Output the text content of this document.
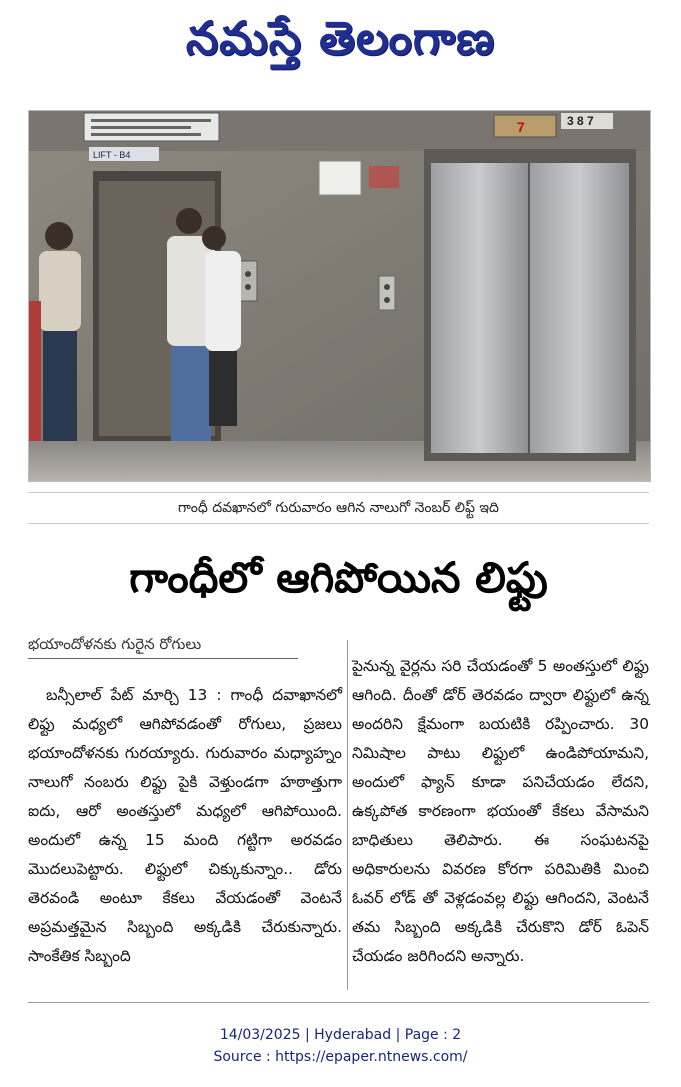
నమస్తే తెలంగాణ
LIFT - B4
7	3 8 7
గాంధీ దవఖానలో గురువారం ఆగిన నాలుగో నెంబర్ లిఫ్ట్ ఇది
గాంధీలో ఆగిపోయిన లిఫ్టు
భయాందోళనకు గురైన రోగులు
బన్సీలాల్ పేట్ మార్చి 13 : గాంధీ దవాఖానలో లిఫ్టు మధ్యలో ఆగిపోవడంతో రోగులు, ప్రజలు భయాందోళనకు గురయ్యారు. గురువారం మధ్యాహ్నం నాలుగో నంబరు లిఫ్టు పైకి వెళ్తుండగా హఠాత్తుగా ఐదు, ఆరో అంతస్తులో మధ్యలో ఆగిపోయింది. అందులో ఉన్న 15 మంది గట్టిగా అరవడం మొదలుపెట్టారు. లిఫ్టులో చిక్కుకున్నాం.. డోరు తెరవండి అంటూ కేకలు వేయడంతో వెంటనే అప్రమత్తమైన సిబ్బంది అక్కడికి చేరుకున్నారు. సాంకేతిక సిబ్బంది
పైనున్న వైర్లను సరి చేయడంతో 5 అంతస్తులో లిఫ్టు ఆగింది. దీంతో డోర్ తెరవడం ద్వారా లిఫ్టులో ఉన్న అందరిని క్షేమంగా బయటికి రప్పించారు. 30 నిమిషాల పాటు లిఫ్టులో ఉండిపోయామని, అందులో ఫ్యాన్ కూడా పనిచేయడం లేదని, ఉక్కపోత కారణంగా భయంతో కేకలు వేసామని బాధితులు తెలిపారు. ఈ సంఘటనపై అధికారులను వివరణ కోరగా పరిమితికి మించి ఓవర్ లోడ్ తో వెళ్లడంవల్ల లిఫ్టు ఆగిందని, వెంటనే తమ సిబ్బంది అక్కడికి చేరుకొని డోర్ ఓపెన్ చేయడం జరిగిందని అన్నారు.
14/03/2025 | Hyderabad | Page : 2
Source : https://epaper.ntnews.com/
